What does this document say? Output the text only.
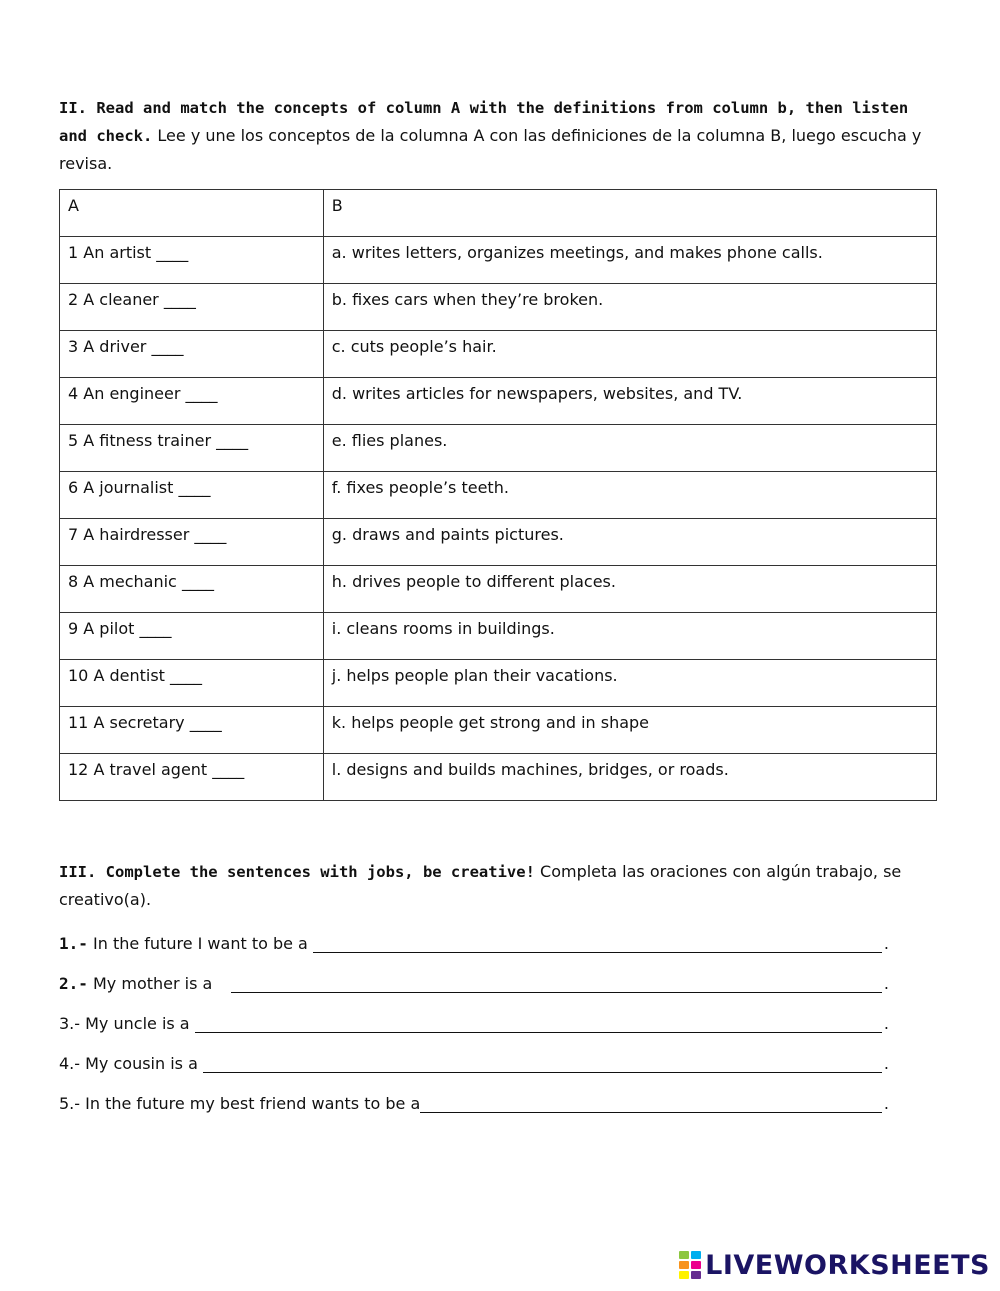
II. Read and match the concepts of column A with the definitions from column b, then listen and check. Lee y une los conceptos de la columna A con las definiciones de la columna B, luego escucha y revisa.
A	B
1 An artist ____	a. writes letters, organizes meetings, and makes phone calls.
2 A cleaner ____	b. fixes cars when they’re broken.
3 A driver ____	c. cuts people’s hair.
4 An engineer ____	d. writes articles for newspapers, websites, and TV.
5 A fitness trainer ____	e. flies planes.
6 A journalist ____	f. fixes people’s teeth.
7 A hairdresser ____	g. draws and paints pictures.
8 A mechanic ____	h. drives people to different places.
9 A pilot ____	i. cleans rooms in buildings.
10 A dentist ____	j. helps people plan their vacations.
11 A secretary ____	k. helps people get strong and in shape
12 A travel agent ____	l. designs and builds machines, bridges, or roads.
III. Complete the sentences with jobs, be creative! Completa las oraciones con algún trabajo, se creativo(a).
1.- In the future I want to be a	.
2.- My mother is a	.
3.- My uncle is a	.
4.- My cousin is a	.
5.- In the future my best friend wants to be a	.
LIVEWORKSHEETS
